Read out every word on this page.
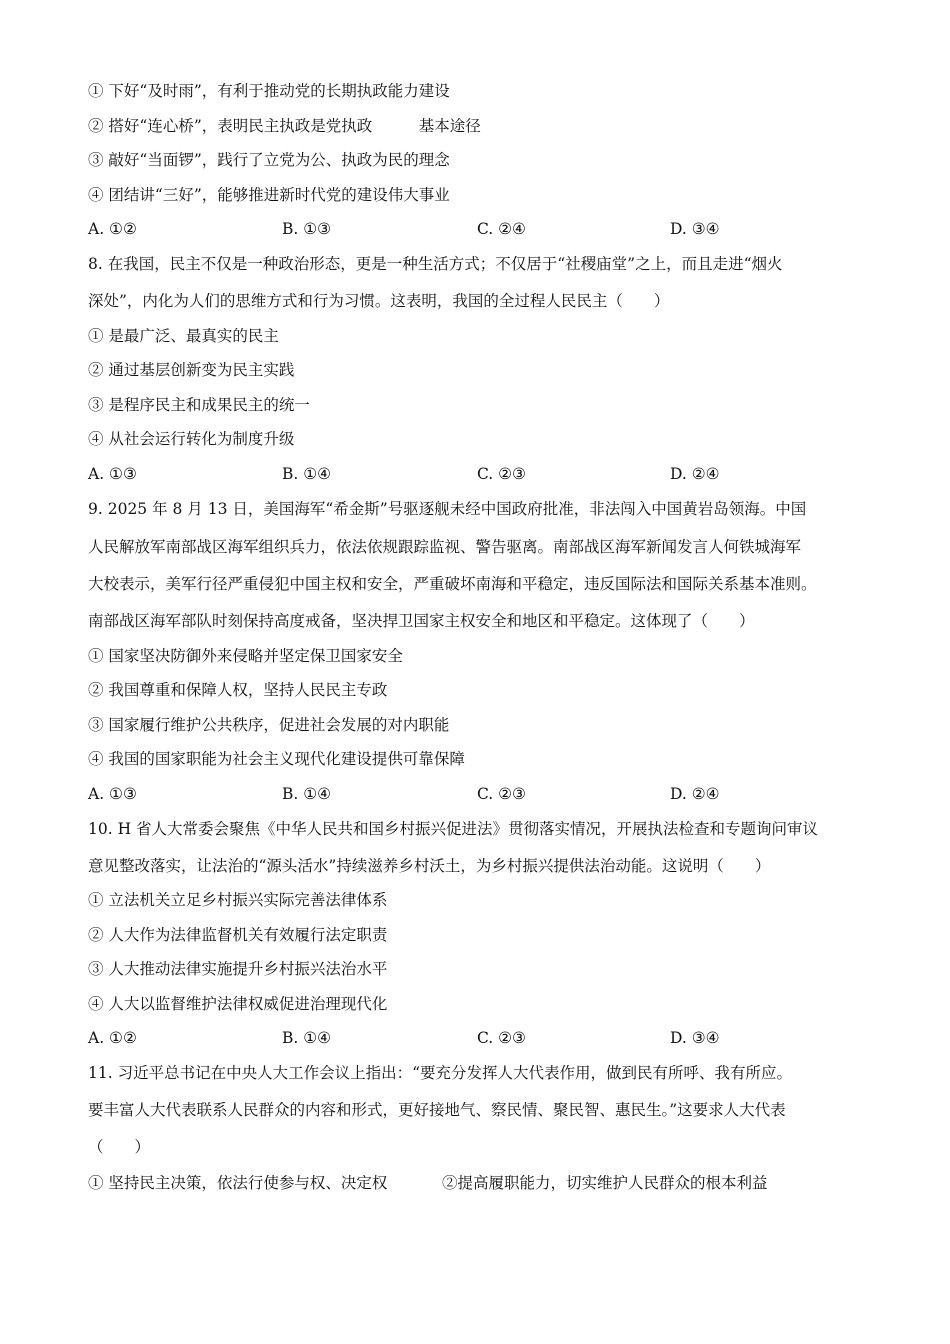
① 下好“及时雨”，有利于推动党的长期执政能力建设
② 搭好“连心桥”，表明民主执政是党执政　　　基本途径
③ 敲好“当面锣”，践行了立党为公、执政为民的理念
④ 团结讲“三好”，能够推进新时代党的建设伟大事业
A. ①②	B. ①③	C. ②④	D. ③④
8. 在我国，民主不仅是一种政治形态，更是一种生活方式；不仅居于“社稷庙堂”之上，而且走进“烟火
深处”，内化为人们的思维方式和行为习惯。这表明，我国的全过程人民民主（　　）
① 是最广泛、最真实的民主
② 通过基层创新变为民主实践
③ 是程序民主和成果民主的统一
④ 从社会运行转化为制度升级
A. ①③	B. ①④	C. ②③	D. ②④
9. 2025 年 8 月 13 日，美国海军“希金斯”号驱逐舰未经中国政府批准，非法闯入中国黄岩岛领海。中国
人民解放军南部战区海军组织兵力，依法依规跟踪监视、警告驱离。南部战区海军新闻发言人何铁城海军
大校表示，美军行径严重侵犯中国主权和安全，严重破坏南海和平稳定，违反国际法和国际关系基本准则。
南部战区海军部队时刻保持高度戒备，坚决捍卫国家主权安全和地区和平稳定。这体现了（　　）
① 国家坚决防御外来侵略并坚定保卫国家安全
② 我国尊重和保障人权，坚持人民民主专政
③ 国家履行维护公共秩序，促进社会发展的对内职能
④ 我国的国家职能为社会主义现代化建设提供可靠保障
A. ①③	B. ①④	C. ②③	D. ②④
10. H 省人大常委会聚焦《中华人民共和国乡村振兴促进法》贯彻落实情况，开展执法检查和专题询问审议
意见整改落实，让法治的“源头活水”持续滋养乡村沃土，为乡村振兴提供法治动能。这说明（　　）
① 立法机关立足乡村振兴实际完善法律体系
② 人大作为法律监督机关有效履行法定职责
③ 人大推动法律实施提升乡村振兴法治水平
④ 人大以监督维护法律权威促进治理现代化
A. ①②	B. ①④	C. ②③	D. ③④
11. 习近平总书记在中央人大工作会议上指出：“要充分发挥人大代表作用，做到民有所呼、我有所应。
要丰富人大代表联系人民群众的内容和形式，更好接地气、察民情、聚民智、惠民生。”这要求人大代表
（　　）
① 坚持民主决策，依法行使参与权、决定权	②提高履职能力，切实维护人民群众的根本利益
